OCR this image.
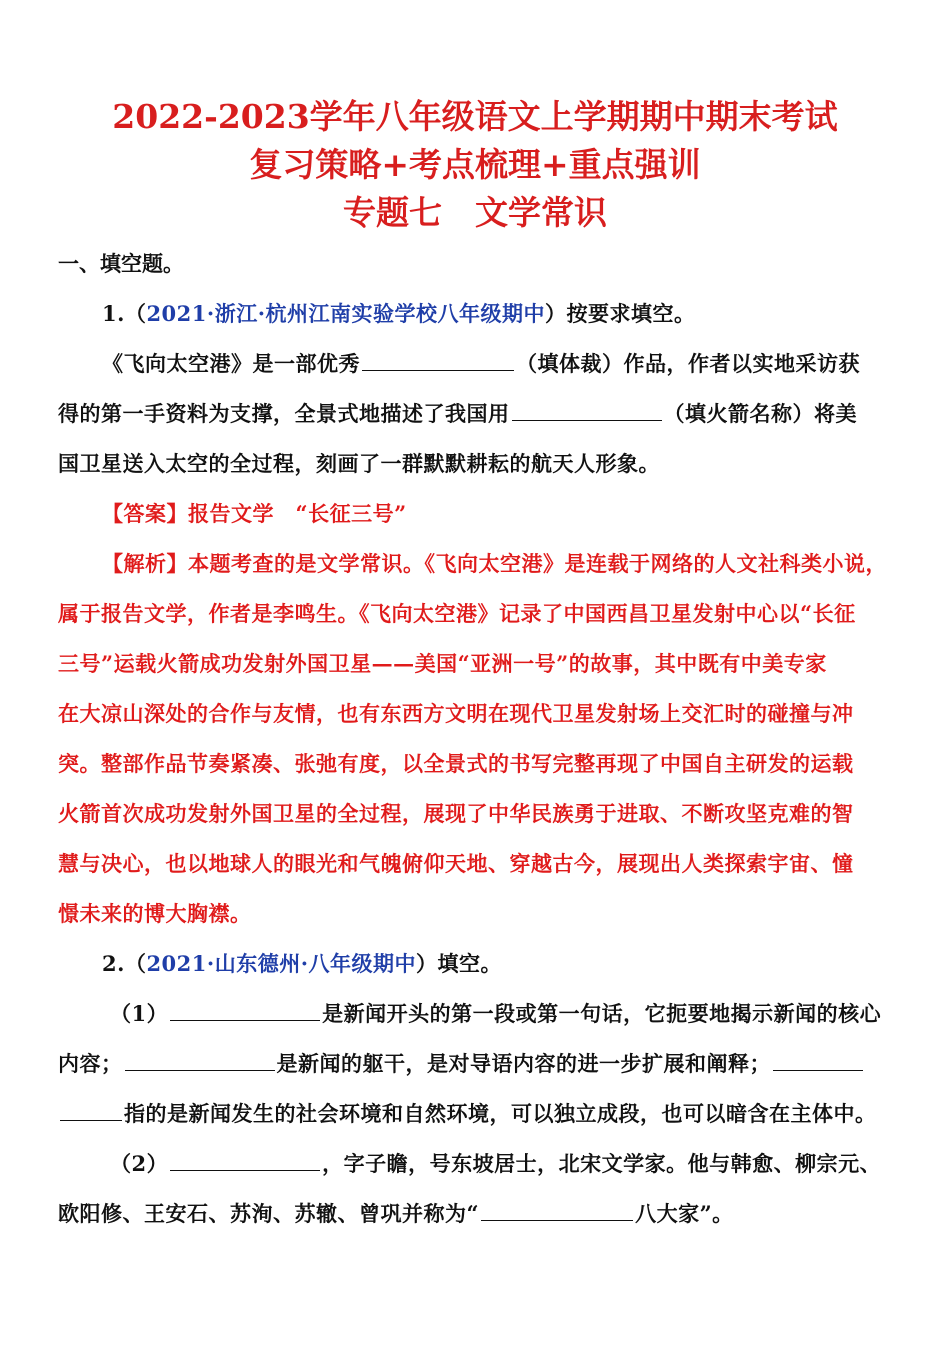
2022-2023学年八年级语文上学期期中期末考试
复习策略+考点梳理+重点强训
专题七　文学常识
一、填空题。
1.（2021·浙江·杭州江南实验学校八年级期中）按要求填空。
《飞向太空港》是一部优秀	（填体裁）作品，作者以实地采访获
得的第一手资料为支撑，全景式地描述了我国用	（填火箭名称）将美
国卫星送入太空的全过程，刻画了一群默默耕耘的航天人形象。
【答案】报告文学　“长征三号”
【解析】本题考查的是文学常识。《飞向太空港》是连载于网络的人文社科类小说，
属于报告文学，作者是李鸣生。《飞向太空港》记录了中国西昌卫星发射中心以“长征
三号”运载火箭成功发射外国卫星——美国“亚洲一号”的故事，其中既有中美专家
在大凉山深处的合作与友情，也有东西方文明在现代卫星发射场上交汇时的碰撞与冲
突。整部作品节奏紧凑、张弛有度，以全景式的书写完整再现了中国自主研发的运载
火箭首次成功发射外国卫星的全过程，展现了中华民族勇于进取、不断攻坚克难的智
慧与决心，也以地球人的眼光和气魄俯仰天地、穿越古今，展现出人类探索宇宙、憧
憬未来的博大胸襟。
2.（2021·山东德州·八年级期中）填空。
（1）	是新闻开头的第一段或第一句话，它扼要地揭示新闻的核心
内容；	是新闻的躯干，是对导语内容的进一步扩展和阐释；
指的是新闻发生的社会环境和自然环境，可以独立成段，也可以暗含在主体中。
（2）	，字子瞻，号东坡居士，北宋文学家。他与韩愈、柳宗元、
欧阳修、王安石、苏洵、苏辙、曾巩并称为“	八大家”。
